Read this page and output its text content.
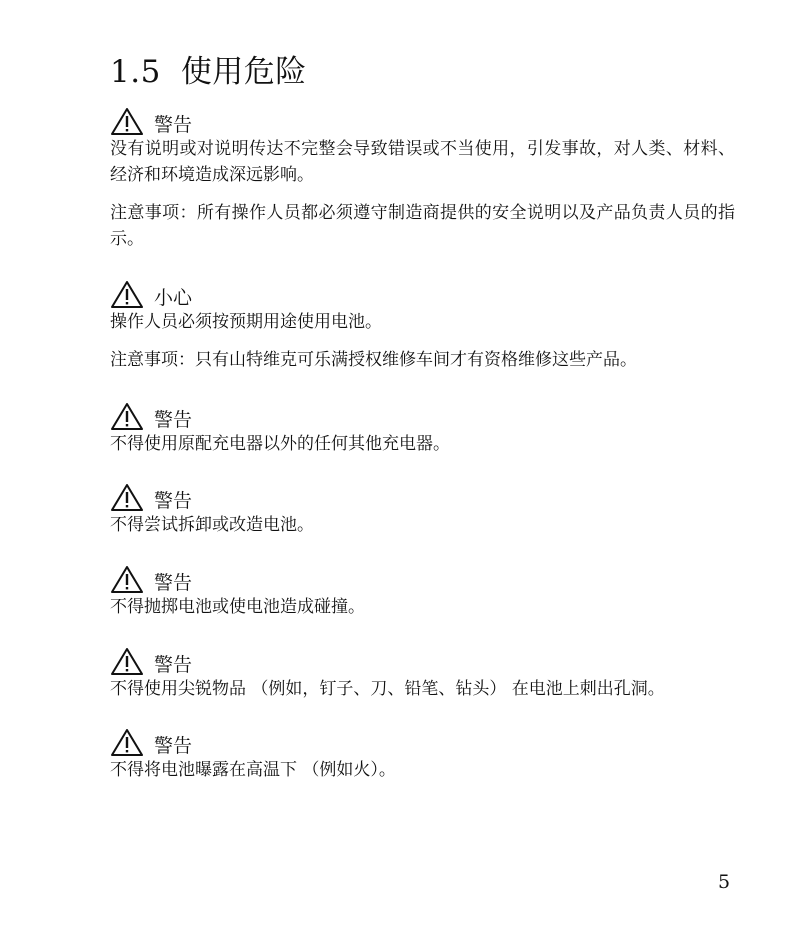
1.5 使用危险
警告

没有说明或对说明传达不完整会导致错误或不当使用，引发事故，对人类、材料、经济和环境造成深远影响。

注意事项：所有操作人员都必须遵守制造商提供的安全说明以及产品负责人员的指示。

小心

操作人员必须按预期用途使用电池。

注意事项：只有山特维克可乐满授权维修车间才有资格维修这些产品。

警告

不得使用原配充电器以外的任何其他充电器。

警告

不得尝试拆卸或改造电池。

警告

不得抛掷电池或使电池造成碰撞。

警告

不得使用尖锐物品 （例如，钉子、刀、铅笔、钻头） 在电池上刺出孔洞。

警告

不得将电池曝露在高温下 （例如火）。

5
